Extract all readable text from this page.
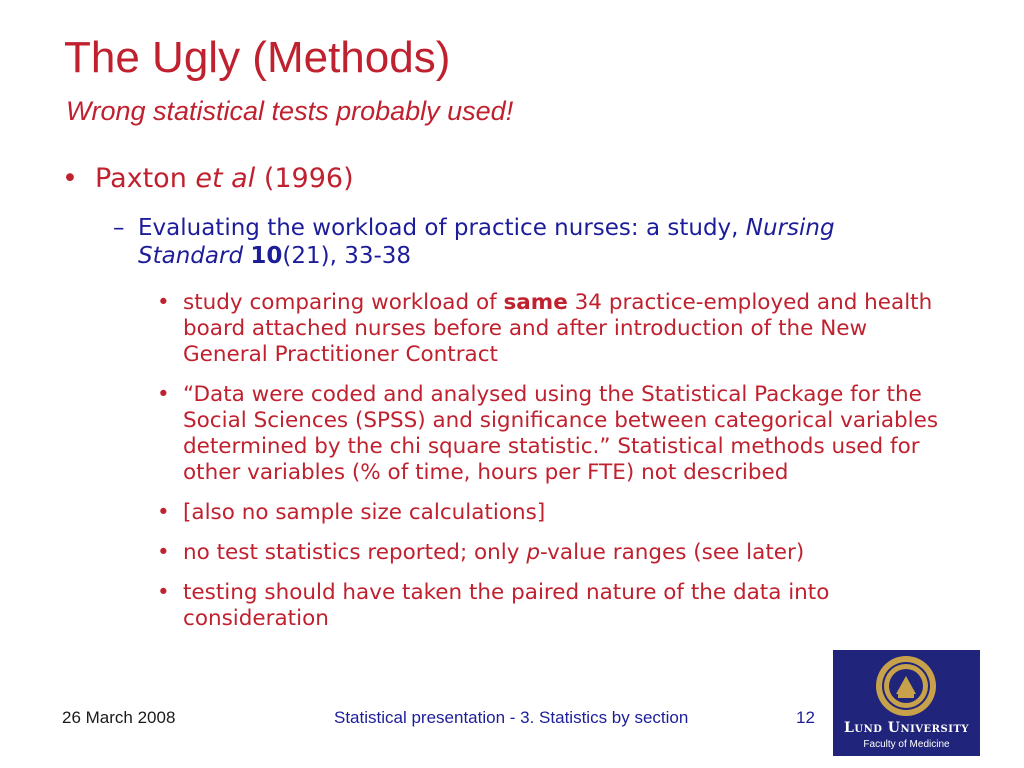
The Ugly (Methods)
Wrong statistical tests probably used!
• Paxton et al (1996)
– Evaluating the workload of practice nurses: a study, Nursing Standard 10(21), 33-38
• study comparing workload of same 34 practice-employed and health board attached nurses before and after introduction of the New General Practitioner Contract
• “Data were coded and analysed using the Statistical Package for the Social Sciences (SPSS) and significance between categorical variables determined by the chi square statistic.” Statistical methods used for other variables (% of time, hours per FTE) not described
• [also no sample size calculations]
• no test statistics reported; only p-value ranges (see later)
• testing should have taken the paired nature of the data into consideration
26 March 2008	Statistical presentation - 3. Statistics by section	12
Lund University
Faculty of Medicine
